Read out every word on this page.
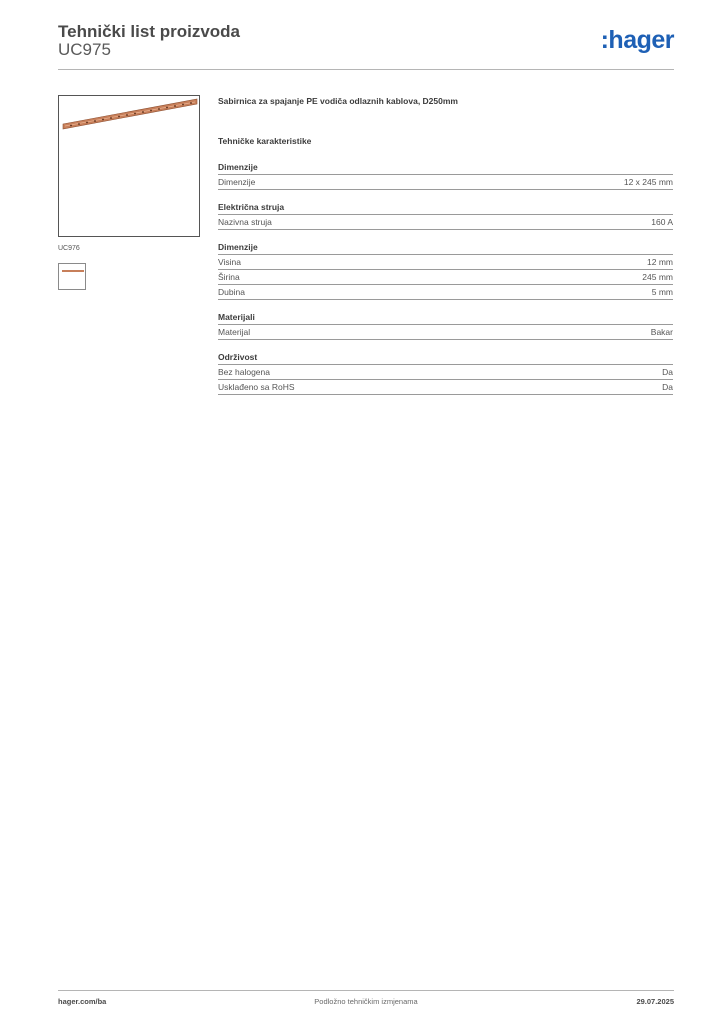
Tehnički list proizvoda
UC975	:hager
UC976
Sabirnica za spajanje PE vodiča odlaznih kablova, D250mm
Tehničke karakteristike
Dimenzije
Dimenzije	12 x 245 mm
Električna struja
Nazivna struja	160 A
Dimenzije
Visina	12 mm
Širina	245 mm
Dubina	5 mm
Materijali
Materijal	Bakar
Održivost
Bez halogena	Da
Usklađeno sa RoHS	Da
hager.com/ba	Podložno tehničkim izmjenama	29.07.2025
